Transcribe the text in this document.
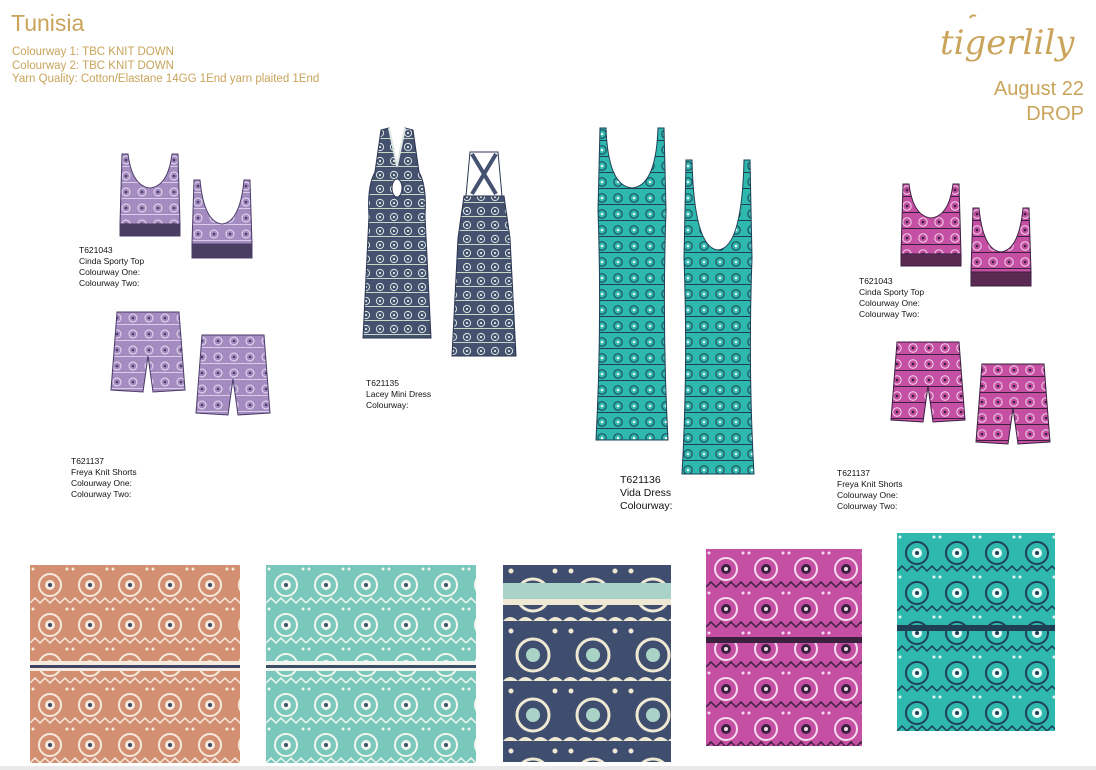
Tunisia
Colourway 1: TBC KNIT DOWN
Colourway 2: TBC KNIT DOWN
Yarn Quality: Cotton/Elastane 14GG 1End yarn plaited 1End
tigerlily
August 22
DROP
T621043
Cinda Sporty Top
Colourway One:
Colourway Two:
T621137
Freya Knit Shorts
Colourway One:
Colourway Two:
T621135
Lacey Mini Dress
Colourway:
T621136
Vida Dress
Colourway:
T621043
Cinda Sporty Top
Colourway One:
Colourway Two:
T621137
Freya Knit Shorts
Colourway One:
Colourway Two:
